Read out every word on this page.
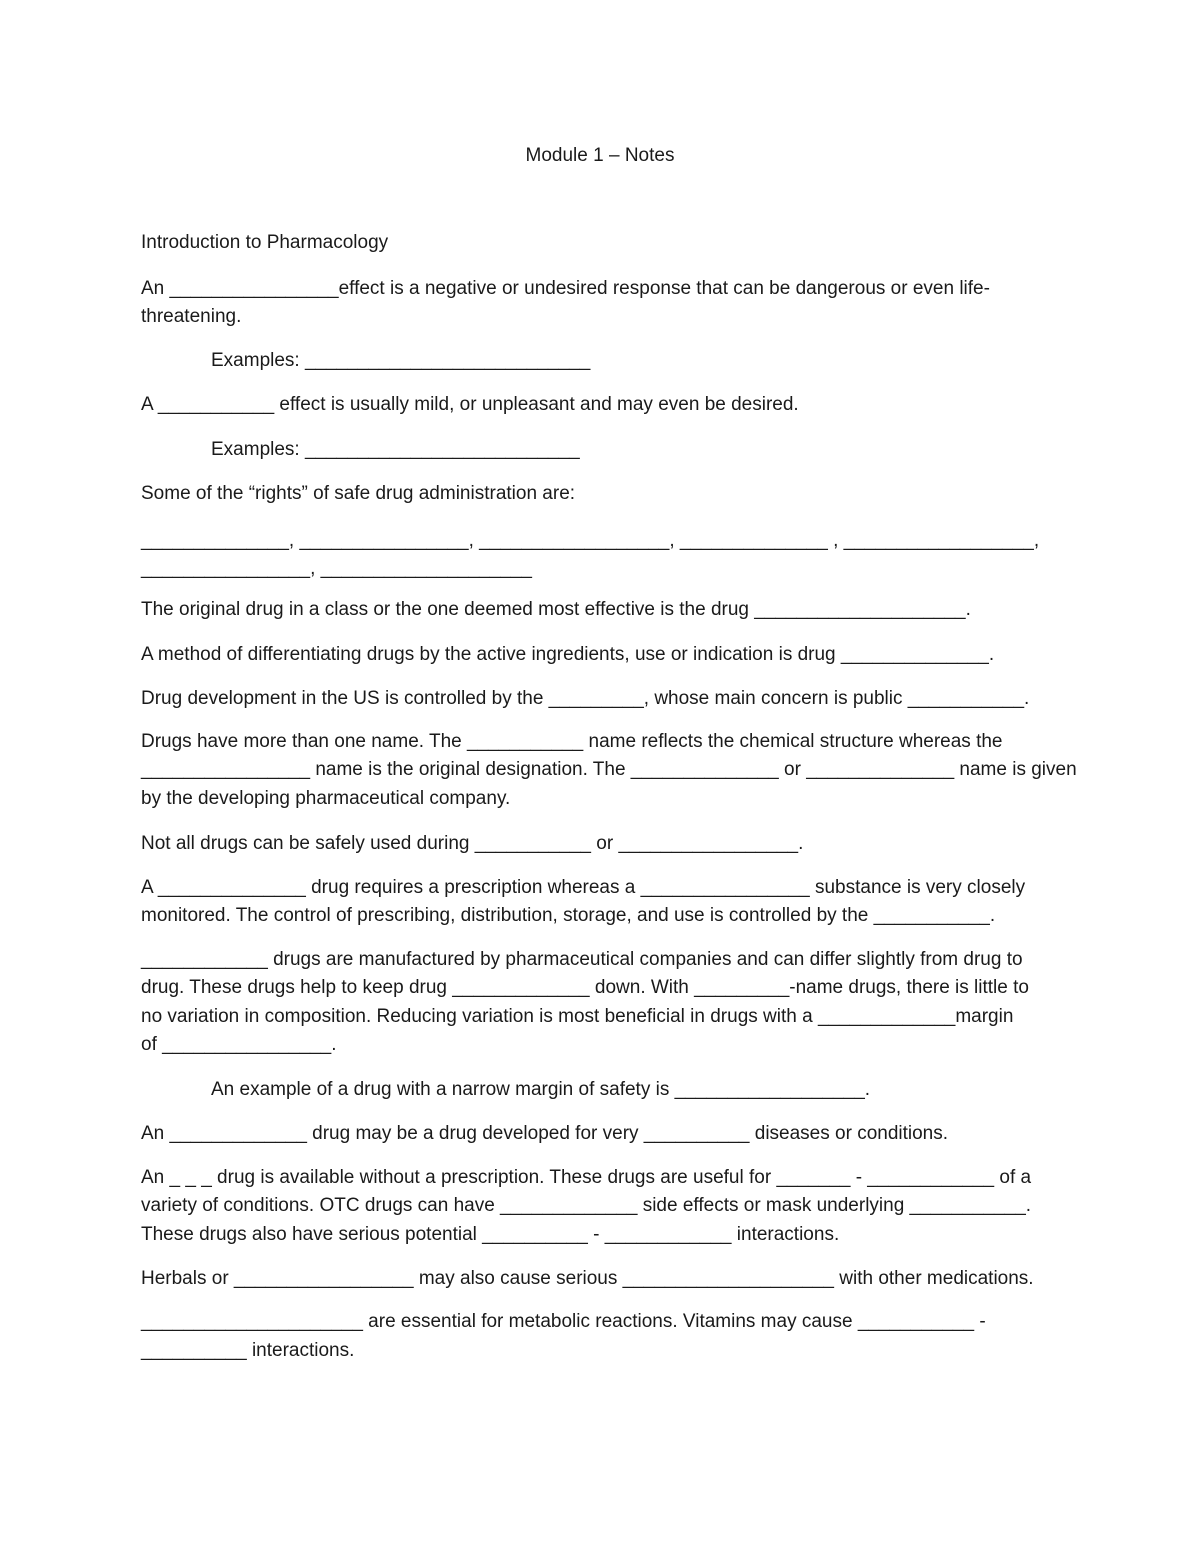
Module 1 – Notes
Introduction to Pharmacology
An ________________effect is a negative or undesired response that can be dangerous or even life-
threatening.
Examples: ___________________________
A ___________ effect is usually mild, or unpleasant and may even be desired.
Examples: __________________________
Some of the “rights” of safe drug administration are:
______________, ________________, __________________, ______________ , __________________,
________________, ____________________
The original drug in a class or the one deemed most effective is the drug ____________________.
A method of differentiating drugs by the active ingredients, use or indication is drug ______________.
Drug development in the US is controlled by the _________, whose main concern is public ___________.
Drugs have more than one name. The ___________ name reflects the chemical structure whereas the
________________ name is the original designation. The ______________ or ______________ name is given
by the developing pharmaceutical company.
Not all drugs can be safely used during ___________ or _________________.
A ______________ drug requires a prescription whereas a ________________ substance is very closely
monitored. The control of prescribing, distribution, storage, and use is controlled by the ___________.
____________ drugs are manufactured by pharmaceutical companies and can differ slightly from drug to
drug. These drugs help to keep drug _____________ down. With _________-name drugs, there is little to
no variation in composition. Reducing variation is most beneficial in drugs with a _____________margin
of ________________.
An example of a drug with a narrow margin of safety is __________________.
An _____________ drug may be a drug developed for very __________ diseases or conditions.
An _ _ _ drug is available without a prescription. These drugs are useful for _______ - ____________ of a
variety of conditions. OTC drugs can have _____________ side effects or mask underlying ___________.
These drugs also have serious potential __________ - ____________ interactions.
Herbals or _________________ may also cause serious ____________________ with other medications.
_____________________ are essential for metabolic reactions. Vitamins may cause ___________ -
__________ interactions.
